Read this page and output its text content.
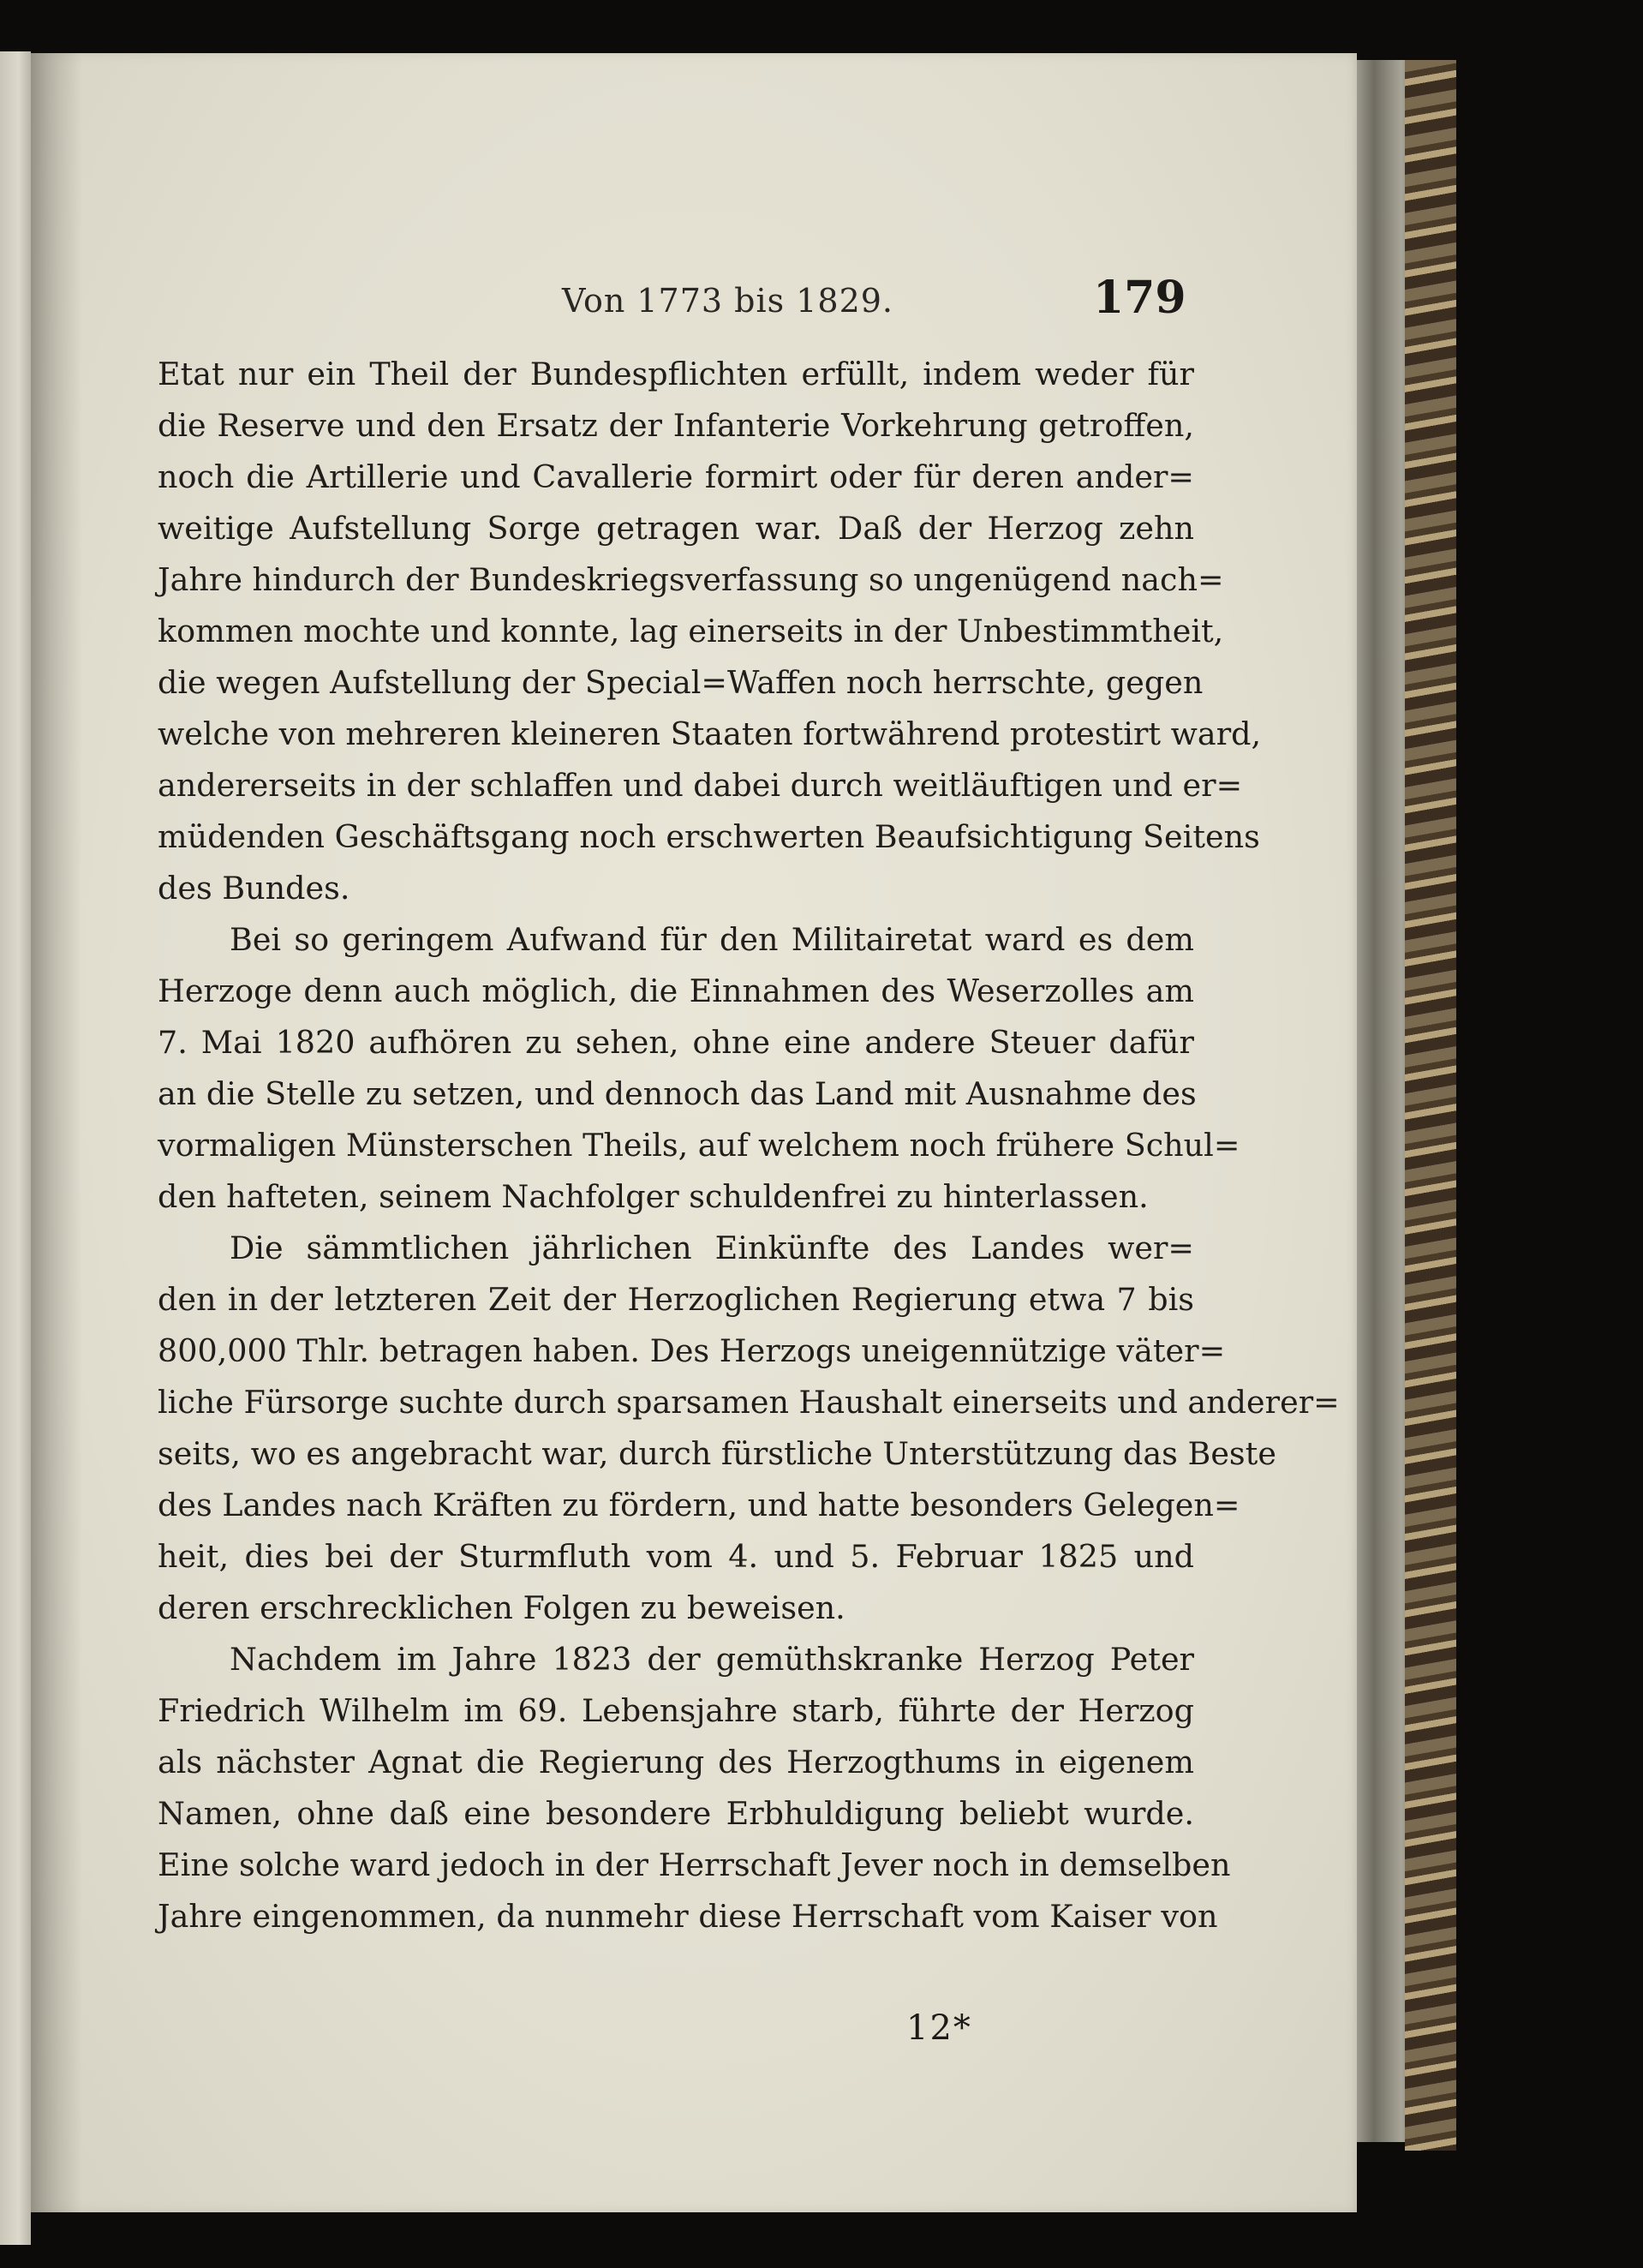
Von 1773 bis 1829.	179
Etat nur ein Theil der Bundespflichten erfüllt, indem weder für
die Reserve und den Ersatz der Infanterie Vorkehrung getroffen,
noch die Artillerie und Cavallerie formirt oder für deren ander=
weitige Aufstellung Sorge getragen war. Daß der Herzog zehn
Jahre hindurch der Bundeskriegsverfassung so ungenügend nach=
kommen mochte und konnte, lag einerseits in der Unbestimmtheit,
die wegen Aufstellung der Special=Waffen noch herrschte, gegen
welche von mehreren kleineren Staaten fortwährend protestirt ward,
andererseits in der schlaffen und dabei durch weitläuftigen und er=
müdenden Geschäftsgang noch erschwerten Beaufsichtigung Seitens
des Bundes.
Bei so geringem Aufwand für den Militairetat ward es dem
Herzoge denn auch möglich, die Einnahmen des Weserzolles am
7. Mai 1820 aufhören zu sehen, ohne eine andere Steuer dafür
an die Stelle zu setzen, und dennoch das Land mit Ausnahme des
vormaligen Münsterschen Theils, auf welchem noch frühere Schul=
den hafteten, seinem Nachfolger schuldenfrei zu hinterlassen.
Die sämmtlichen jährlichen Einkünfte des Landes wer=
den in der letzteren Zeit der Herzoglichen Regierung etwa 7 bis
800,000 Thlr. betragen haben. Des Herzogs uneigennützige väter=
liche Fürsorge suchte durch sparsamen Haushalt einerseits und anderer=
seits, wo es angebracht war, durch fürstliche Unterstützung das Beste
des Landes nach Kräften zu fördern, und hatte besonders Gelegen=
heit, dies bei der Sturmfluth vom 4. und 5. Februar 1825 und
deren erschrecklichen Folgen zu beweisen.
Nachdem im Jahre 1823 der gemüthskranke Herzog Peter
Friedrich Wilhelm im 69. Lebensjahre starb, führte der Herzog
als nächster Agnat die Regierung des Herzogthums in eigenem
Namen, ohne daß eine besondere Erbhuldigung beliebt wurde.
Eine solche ward jedoch in der Herrschaft Jever noch in demselben
Jahre eingenommen, da nunmehr diese Herrschaft vom Kaiser von
12*
